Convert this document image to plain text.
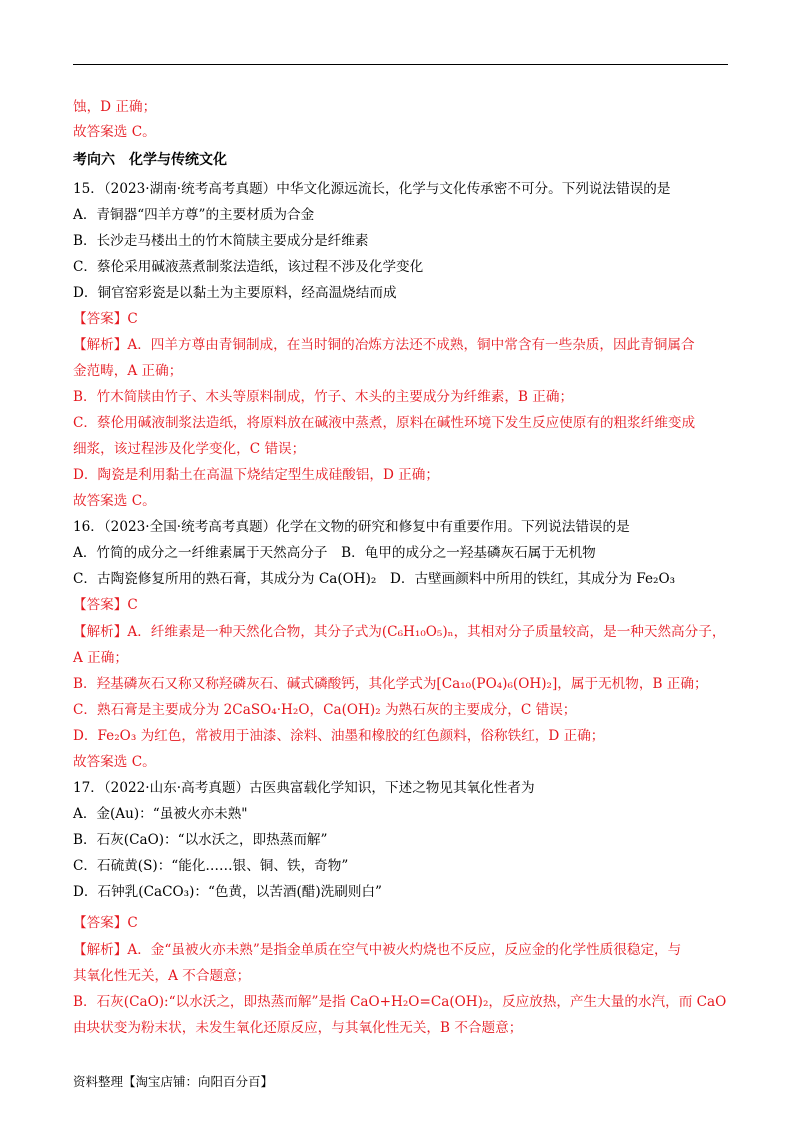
蚀，D 正确；
故答案选 C。
考向六　化学与传统文化
15．（2023·湖南·统考高考真题）中华文化源远流长，化学与文化传承密不可分。下列说法错误的是
A．青铜器“四羊方尊”的主要材质为合金
B．长沙走马楼出土的竹木简牍主要成分是纤维素
C．蔡伦采用碱液蒸煮制浆法造纸，该过程不涉及化学变化
D．铜官窑彩瓷是以黏土为主要原料，经高温烧结而成
【答案】C
【解析】A．四羊方尊由青铜制成，在当时铜的冶炼方法还不成熟，铜中常含有一些杂质，因此青铜属合
金范畴，A 正确；
B．竹木简牍由竹子、木头等原料制成，竹子、木头的主要成分为纤维素，B 正确；
C．蔡伦用碱液制浆法造纸，将原料放在碱液中蒸煮，原料在碱性环境下发生反应使原有的粗浆纤维变成
细浆，该过程涉及化学变化，C 错误；
D．陶瓷是利用黏土在高温下烧结定型生成硅酸铝，D 正确；
故答案选 C。
16．（2023·全国·统考高考真题）化学在文物的研究和修复中有重要作用。下列说法错误的是
A．竹简的成分之一纤维素属于天然高分子　B．龟甲的成分之一羟基磷灰石属于无机物
C．古陶瓷修复所用的熟石膏，其成分为 Ca(OH)₂　D．古壁画颜料中所用的铁红，其成分为 Fe₂O₃
【答案】C
【解析】A．纤维素是一种天然化合物，其分子式为(C₆H₁₀O₅)ₙ，其相对分子质量较高，是一种天然高分子，
A 正确；
B．羟基磷灰石又称又称羟磷灰石、碱式磷酸钙，其化学式为[Ca₁₀(PO₄)₆(OH)₂]，属于无机物，B 正确；
C．熟石膏是主要成分为 2CaSO₄·H₂O，Ca(OH)₂ 为熟石灰的主要成分，C 错误；
D．Fe₂O₃ 为红色，常被用于油漆、涂料、油墨和橡胶的红色颜料，俗称铁红，D 正确；
故答案选 C。
17．（2022·山东·高考真题）古医典富载化学知识，下述之物见其氧化性者为
A．金(Au)：“虽被火亦未熟"
B．石灰(CaO)：“以水沃之，即热蒸而解”
C．石硫黄(S)：“能化……银、铜、铁，奇物”
D．石钟乳(CaCO₃)：“色黄，以苦酒(醋)洗刷则白”
【答案】C
【解析】A．金“虽被火亦未熟”是指金单质在空气中被火灼烧也不反应，反应金的化学性质很稳定，与
其氧化性无关，A 不合题意；
B．石灰(CaO):“以水沃之，即热蒸而解”是指 CaO+H₂O=Ca(OH)₂，反应放热，产生大量的水汽，而 CaO
由块状变为粉末状，未发生氧化还原反应，与其氧化性无关，B 不合题意；
资料整理【淘宝店铺：向阳百分百】
